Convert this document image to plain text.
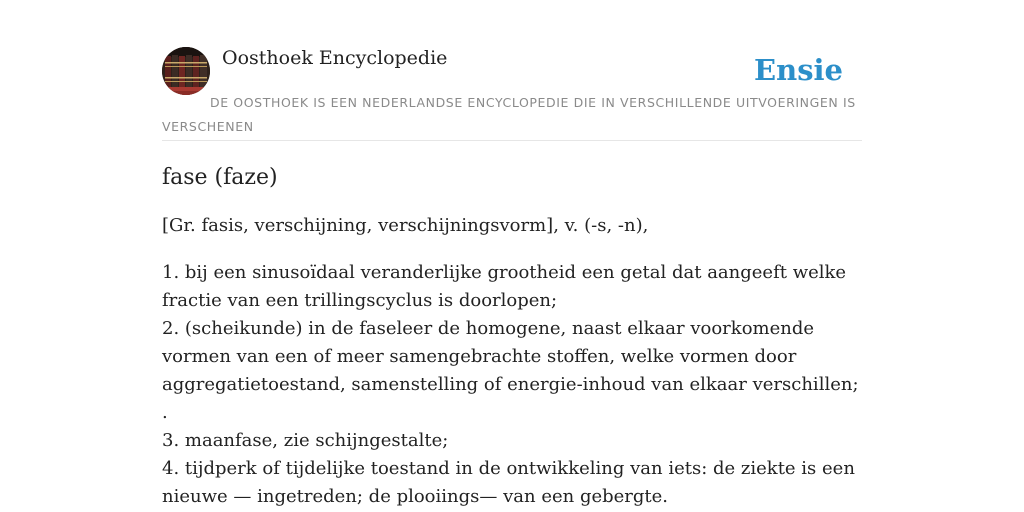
Oosthoek Encyclopedie	Ensie
DE OOSTHOEK IS EEN NEDERLANDSE ENCYCLOPEDIE DIE IN VERSCHILLENDE UITVOERINGEN IS VERSCHENEN
fase (faze)

[Gr. fasis, verschijning, verschijningsvorm], v. (-s, -n),

1. bij een sinusoïdaal veranderlijke grootheid een getal dat aangeeft welke fractie van een trillingscyclus is doorlopen;
2. (scheikunde) in de faseleer de homogene, naast elkaar voorkomende vormen van een of meer samengebrachte stoffen, welke vormen door aggregatietoestand, samenstelling of energie-inhoud van elkaar verschillen; .
3. maanfase, zie schijngestalte;
4. tijdperk of tijdelijke toestand in de ontwikkeling van iets: de ziekte is een nieuwe — ingetreden; de plooiings— van een gebergte.
